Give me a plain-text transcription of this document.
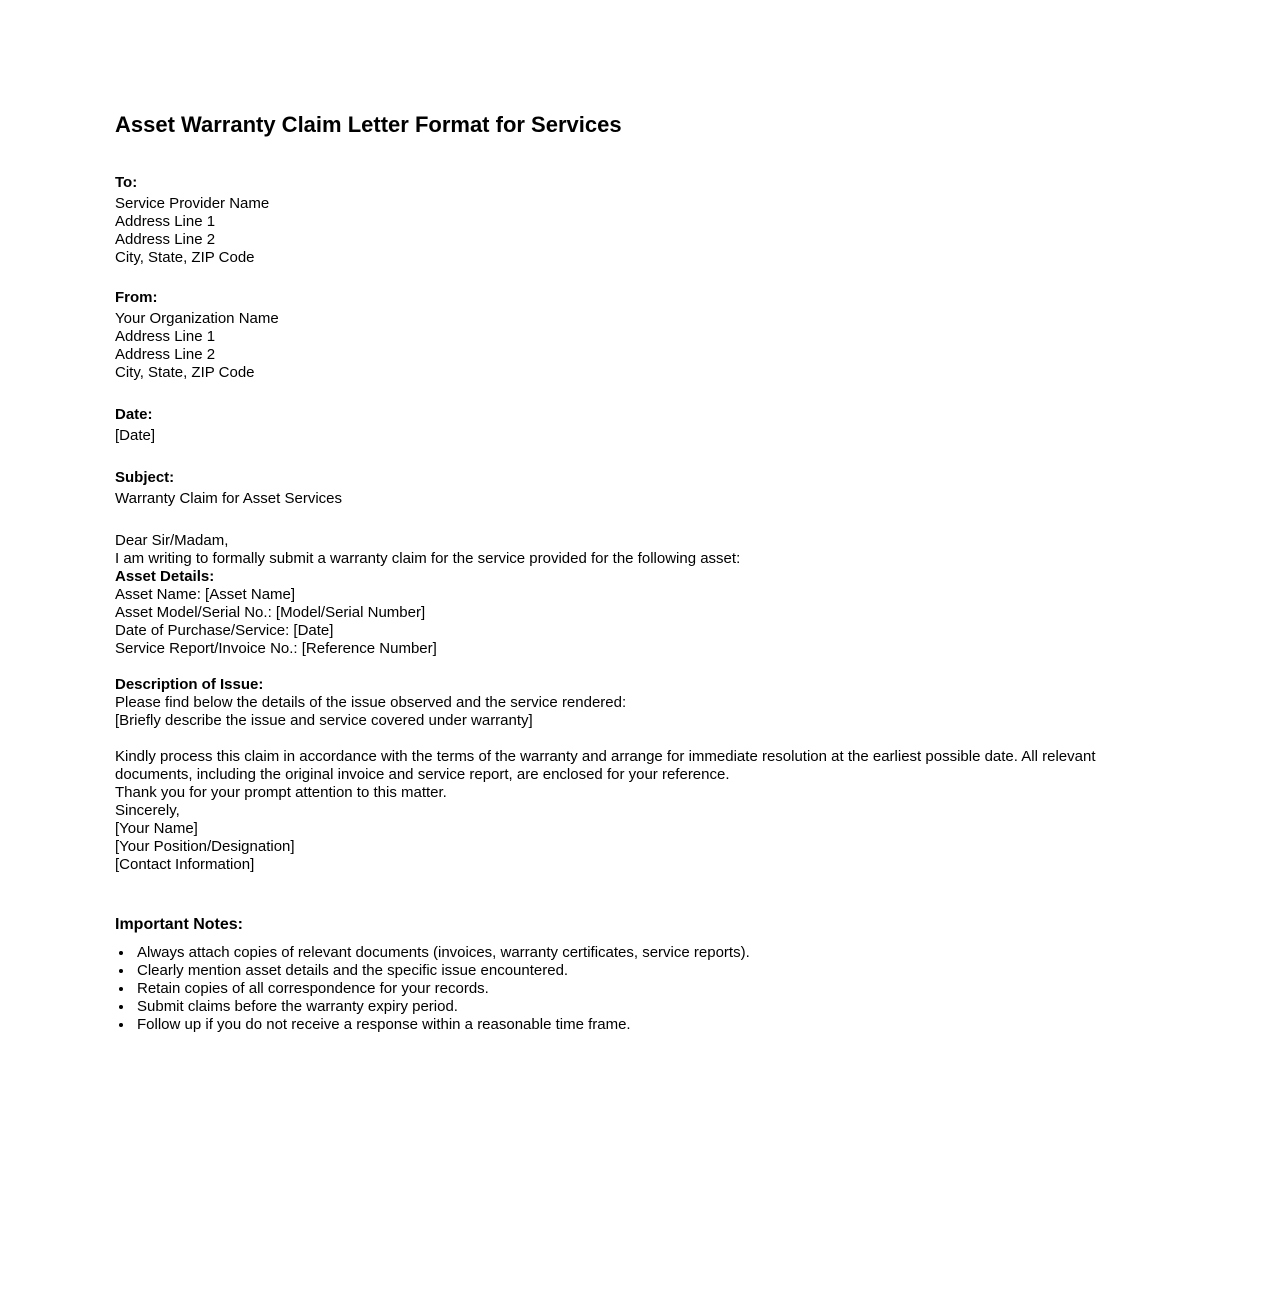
Asset Warranty Claim Letter Format for Services
To:
Service Provider Name
Address Line 1
Address Line 2
City, State, ZIP Code
From:
Your Organization Name
Address Line 1
Address Line 2
City, State, ZIP Code
Date:
[Date]
Subject:
Warranty Claim for Asset Services

Dear Sir/Madam,

I am writing to formally submit a warranty claim for the service provided for the following asset:

Asset Details:
Asset Name: [Asset Name]
Asset Model/Serial No.: [Model/Serial Number]
Date of Purchase/Service: [Date]
Service Report/Invoice No.: [Reference Number]
Description of Issue:
Please find below the details of the issue observed and the service rendered:
[Briefly describe the issue and service covered under warranty]

Kindly process this claim in accordance with the terms of the warranty and arrange for immediate resolution at the earliest possible date. All relevant documents, including the original invoice and service report, are enclosed for your reference.

Thank you for your prompt attention to this matter.

Sincerely,

[Your Name]
[Your Position/Designation]
[Contact Information]
Important Notes:
• Always attach copies of relevant documents (invoices, warranty certificates, service reports).
• Clearly mention asset details and the specific issue encountered.
• Retain copies of all correspondence for your records.
• Submit claims before the warranty expiry period.
• Follow up if you do not receive a response within a reasonable time frame.
